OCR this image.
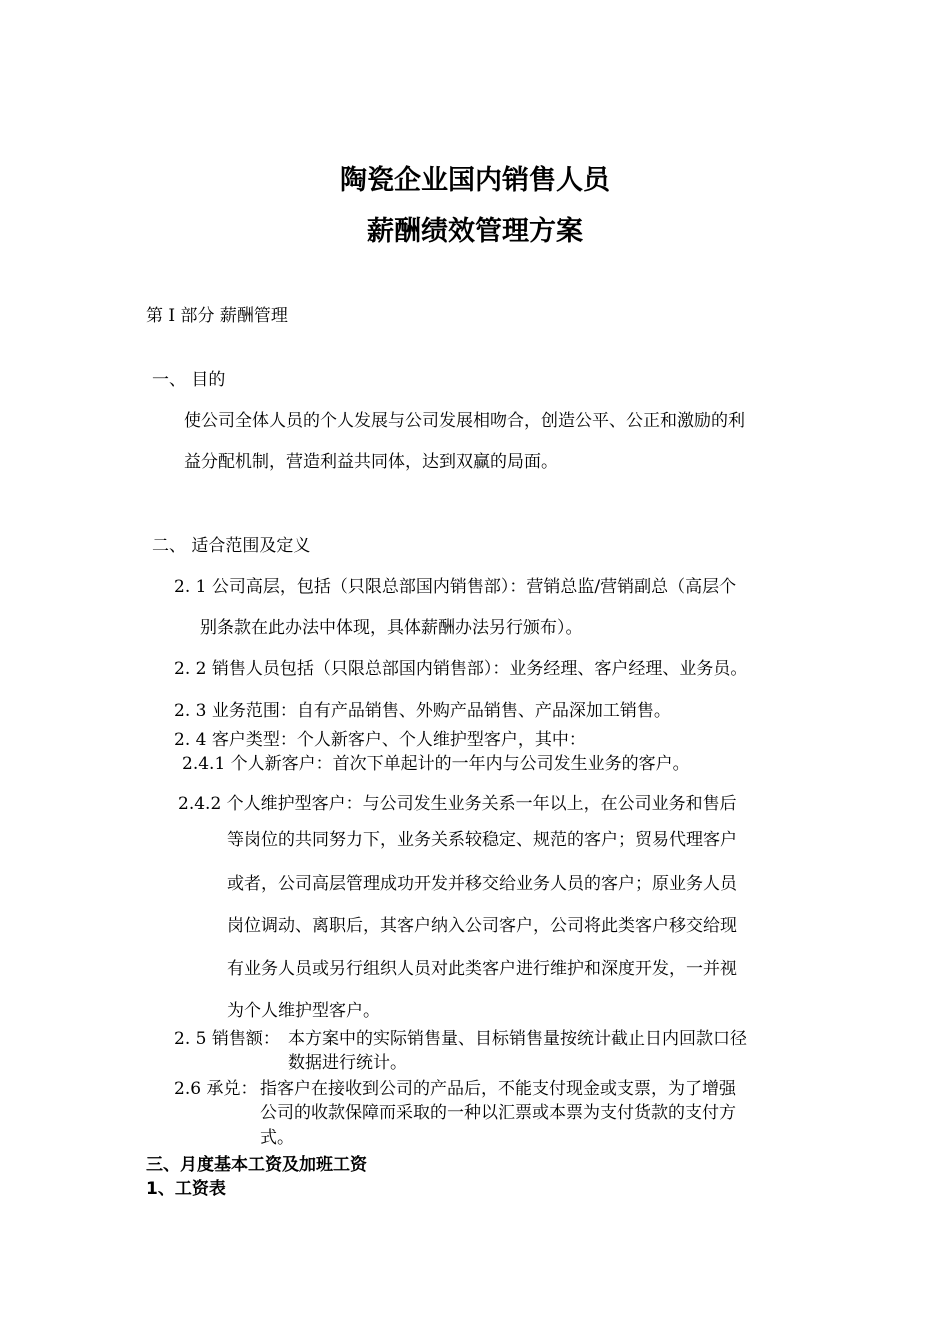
陶瓷企业国内销售人员
薪酬绩效管理方案
第 I 部分 薪酬管理
一、 目的
使公司全体人员的个人发展与公司发展相吻合，创造公平、公正和激励的利
益分配机制，营造利益共同体，达到双赢的局面。
二、 适合范围及定义
2. 1 公司高层，包括（只限总部国内销售部）：营销总监/营销副总（高层个
别条款在此办法中体现，具体薪酬办法另行颁布）。
2. 2 销售人员包括（只限总部国内销售部）：业务经理、客户经理、业务员。
2. 3 业务范围：自有产品销售、外购产品销售、产品深加工销售。
2. 4 客户类型：个人新客户、个人维护型客户，其中：
2.4.1 个人新客户：首次下单起计的一年内与公司发生业务的客户。
2.4.2 个人维护型客户：与公司发生业务关系一年以上，在公司业务和售后
等岗位的共同努力下，业务关系较稳定、规范的客户；贸易代理客户
或者，公司高层管理成功开发并移交给业务人员的客户；原业务人员
岗位调动、离职后，其客户纳入公司客户，公司将此类客户移交给现
有业务人员或另行组织人员对此类客户进行维护和深度开发，一并视
为个人维护型客户。
2. 5 销售额： 本方案中的实际销售量、目标销售量按统计截止日内回款口径
数据进行统计。
2.6 承兑： 指客户在接收到公司的产品后，不能支付现金或支票，为了增强
公司的收款保障而采取的一种以汇票或本票为支付货款的支付方
式。
三、月度基本工资及加班工资
1、工资表
